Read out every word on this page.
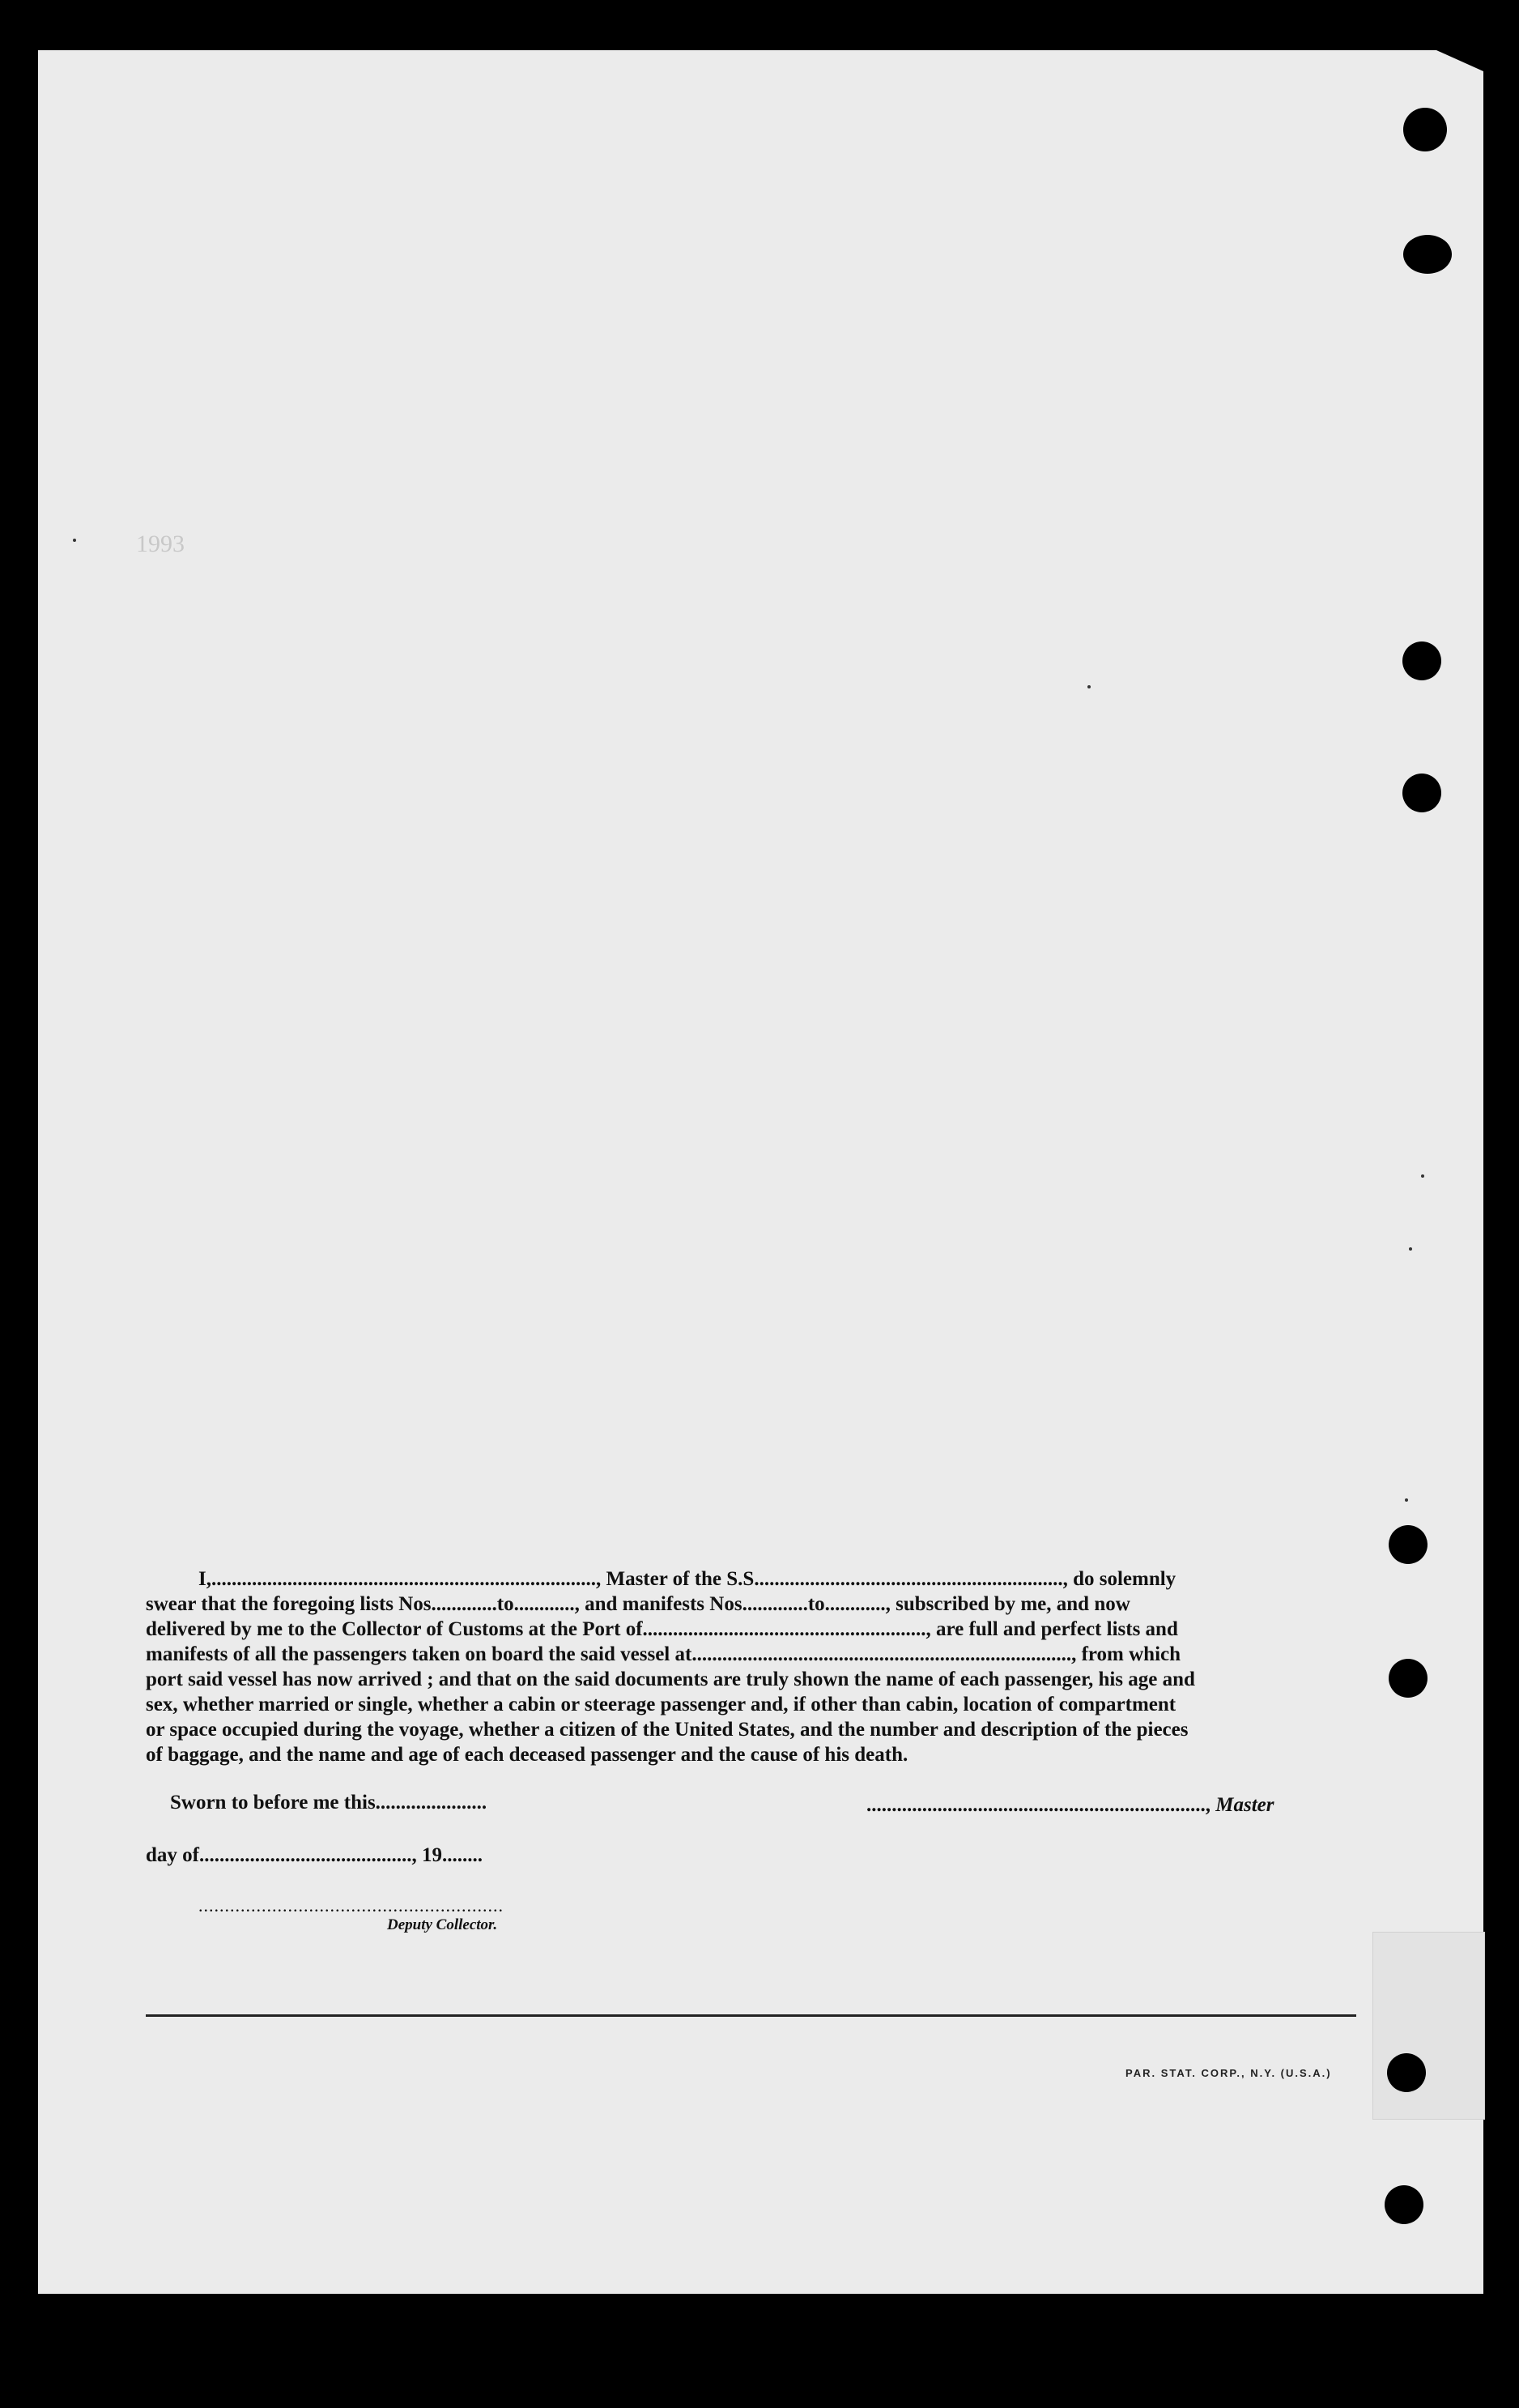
1993

I,............................................................................, Master of the S.S............................................................., do solemnly

swear that the foregoing lists Nos.............to............, and manifests Nos.............to............, subscribed by me, and now

delivered by me to the Collector of Customs at the Port of........................................................, are full and perfect lists and

manifests of all the passengers taken on board the said vessel at..........................................................................., from which

port said vessel has now arrived ; and that on the said documents are truly shown the name of each passenger, his age and

sex, whether married or single, whether a cabin or steerage passenger and, if other than cabin, location of compartment

or space occupied during the voyage, whether a citizen of the United States, and the number and description of the pieces

of baggage, and the name and age of each deceased passenger and the cause of his death.

Sworn to before me this......................
day of.........................................., 19........
..................................................................., Master
..........................................................
Deputy Collector.
PAR. STAT. CORP., N.Y. (U.S.A.)
